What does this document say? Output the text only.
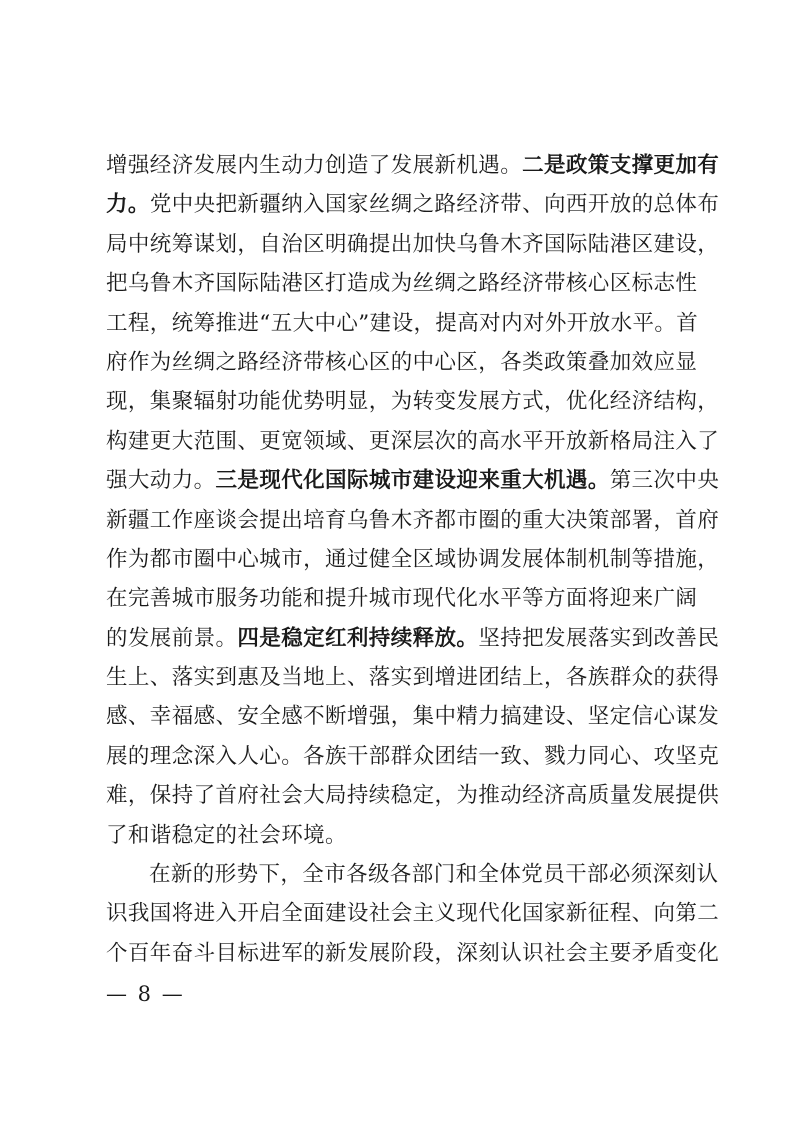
增强经济发展内生动力创造了发展新机遇。二是政策支撑更加有
力。党中央把新疆纳入国家丝绸之路经济带、向西开放的总体布
局中统筹谋划，自治区明确提出加快乌鲁木齐国际陆港区建设，
把乌鲁木齐国际陆港区打造成为丝绸之路经济带核心区标志性
工程，统筹推进“五大中心”建设，提高对内对外开放水平。首
府作为丝绸之路经济带核心区的中心区，各类政策叠加效应显
现，集聚辐射功能优势明显，为转变发展方式，优化经济结构，
构建更大范围、更宽领域、更深层次的高水平开放新格局注入了
强大动力。三是现代化国际城市建设迎来重大机遇。第三次中央
新疆工作座谈会提出培育乌鲁木齐都市圈的重大决策部署，首府
作为都市圈中心城市，通过健全区域协调发展体制机制等措施，
在完善城市服务功能和提升城市现代化水平等方面将迎来广阔
的发展前景。四是稳定红利持续释放。坚持把发展落实到改善民
生上、落实到惠及当地上、落实到增进团结上，各族群众的获得
感、幸福感、安全感不断增强，集中精力搞建设、坚定信心谋发
展的理念深入人心。各族干部群众团结一致、戮力同心、攻坚克
难，保持了首府社会大局持续稳定，为推动经济高质量发展提供
了和谐稳定的社会环境。
在新的形势下，全市各级各部门和全体党员干部必须深刻认
识我国将进入开启全面建设社会主义现代化国家新征程、向第二
个百年奋斗目标进军的新发展阶段，深刻认识社会主要矛盾变化
— 8 —
